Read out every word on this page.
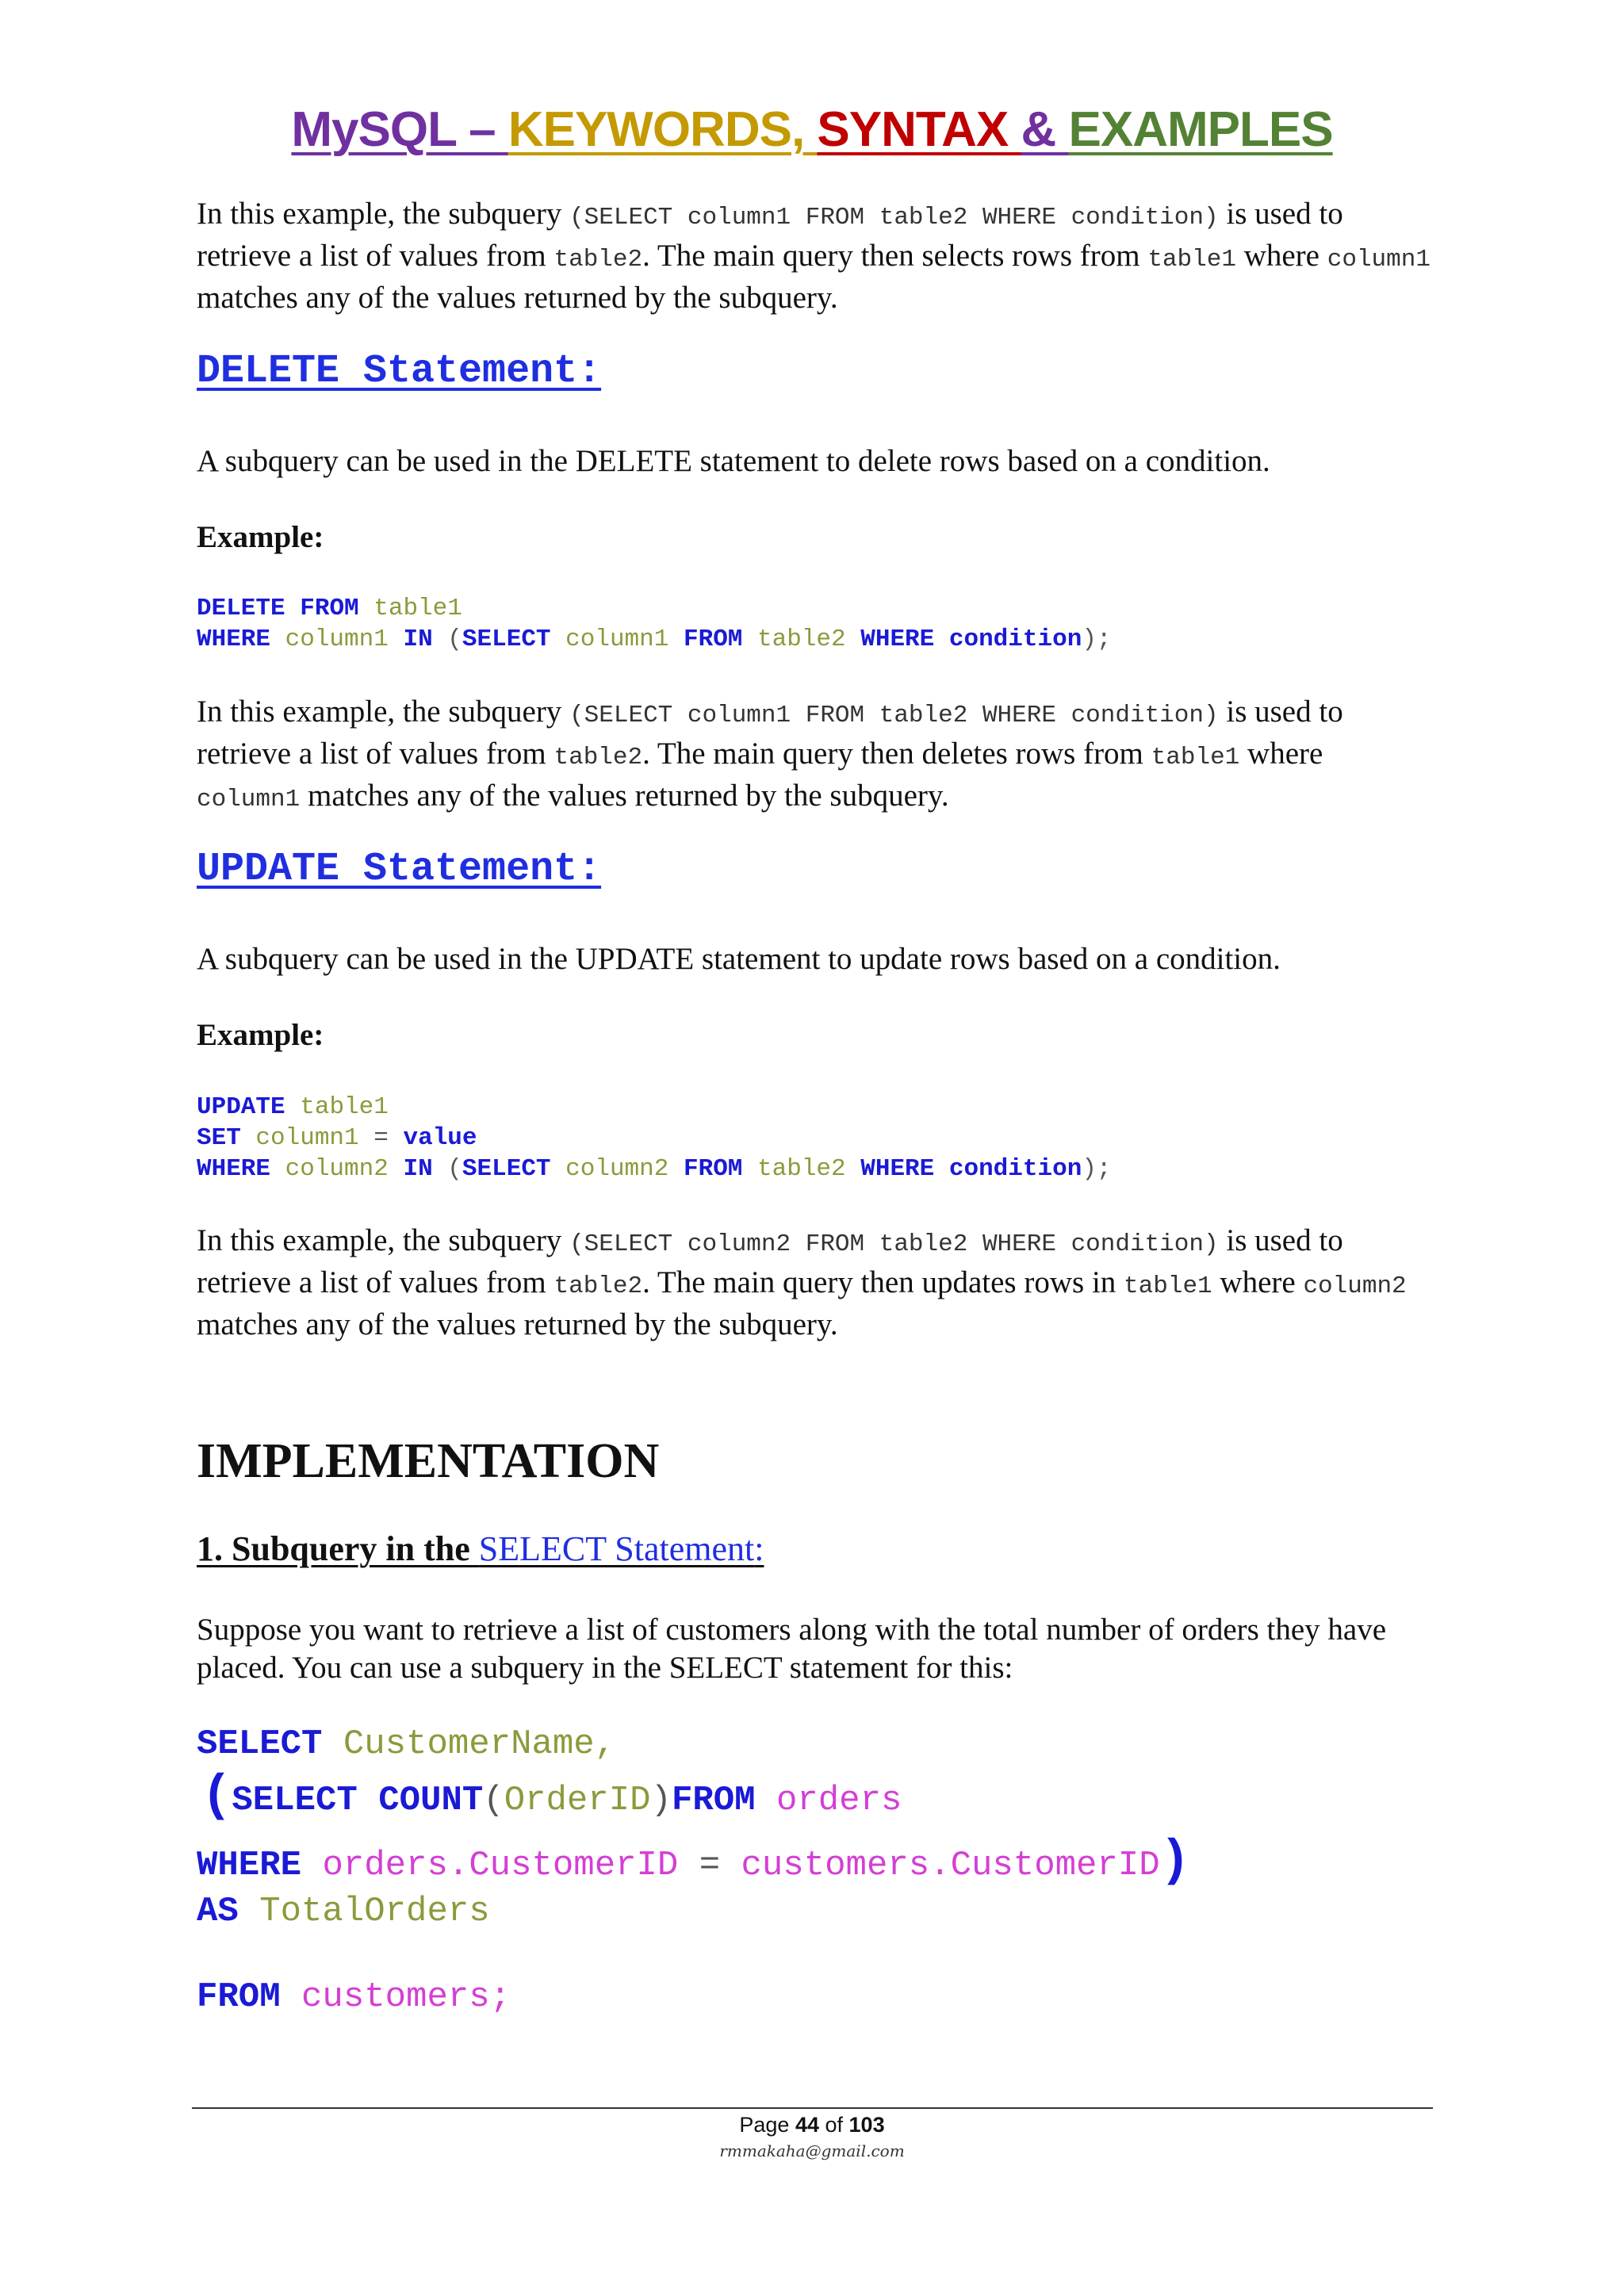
MySQL – KEYWORDS, SYNTAX & EXAMPLES

In this example, the subquery (SELECT column1 FROM table2 WHERE condition) is used to retrieve a list of values from table2. The main query then selects rows from table1 where column1 matches any of the values returned by the subquery.

DELETE Statement:

A subquery can be used in the DELETE statement to delete rows based on a condition.

Example:

DELETE FROM table1
WHERE column1 IN (SELECT column1 FROM table2 WHERE condition);

In this example, the subquery (SELECT column1 FROM table2 WHERE condition) is used to retrieve a list of values from table2. The main query then deletes rows from table1 where column1 matches any of the values returned by the subquery.

UPDATE Statement:

A subquery can be used in the UPDATE statement to update rows based on a condition.

Example:

UPDATE table1
SET column1 = value
WHERE column2 IN (SELECT column2 FROM table2 WHERE condition);

In this example, the subquery (SELECT column2 FROM table2 WHERE condition) is used to retrieve a list of values from table2. The main query then updates rows in table1 where column2 matches any of the values returned by the subquery.

IMPLEMENTATION

1. Subquery in the SELECT Statement:

Suppose you want to retrieve a list of customers along with the total number of orders they have placed. You can use a subquery in the SELECT statement for this:

SELECT CustomerName,
(SELECT COUNT(OrderID)FROM orders
WHERE orders.CustomerID = customers.CustomerID)
AS TotalOrders
FROM customers;
Page 44 of 103
rmmakaha@gmail.com
